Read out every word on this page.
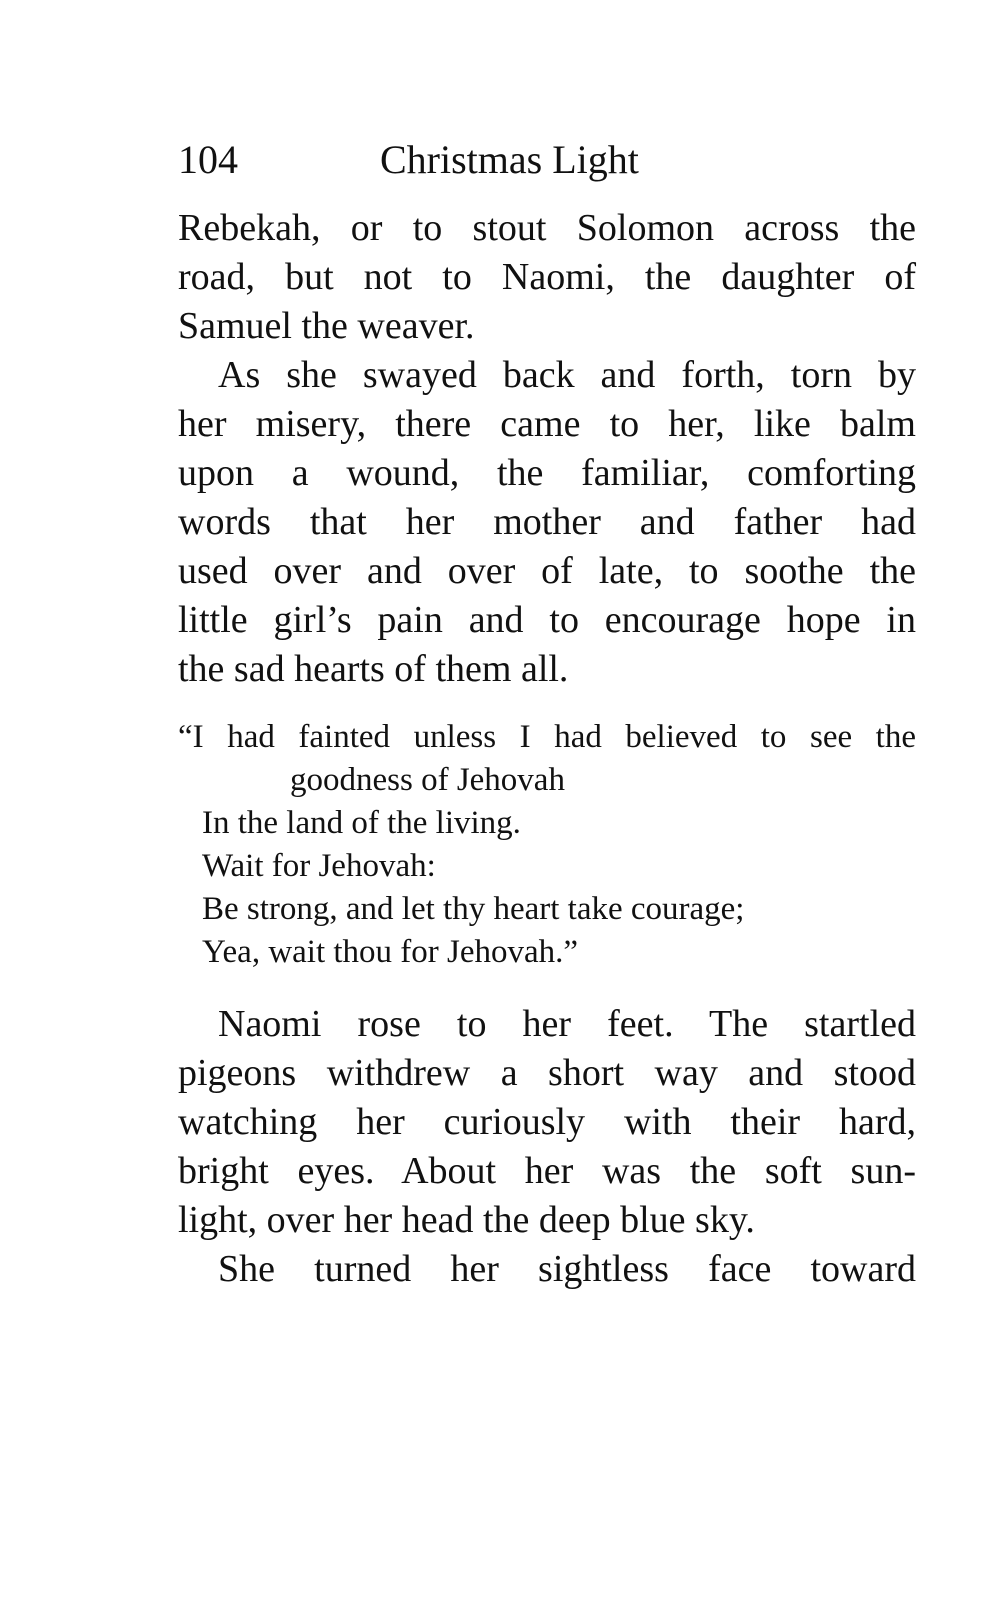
104	Christmas Light
Rebekah, or to stout Solomon across the
road, but not to Naomi, the daughter of
Samuel the weaver.
As she swayed back and forth, torn by
her misery, there came to her, like balm
upon a wound, the familiar, comforting
words that her mother and father had
used over and over of late, to soothe the
little girl’s pain and to encourage hope in
the sad hearts of them all.
“I had fainted unless I had believed to see the
goodness of Jehovah
In the land of the living.
Wait for Jehovah:
Be strong, and let thy heart take courage;
Yea, wait thou for Jehovah.”
Naomi rose to her feet. The startled
pigeons withdrew a short way and stood
watching her curiously with their hard,
bright eyes. About her was the soft sun-
light, over her head the deep blue sky.
She turned her sightless face toward
